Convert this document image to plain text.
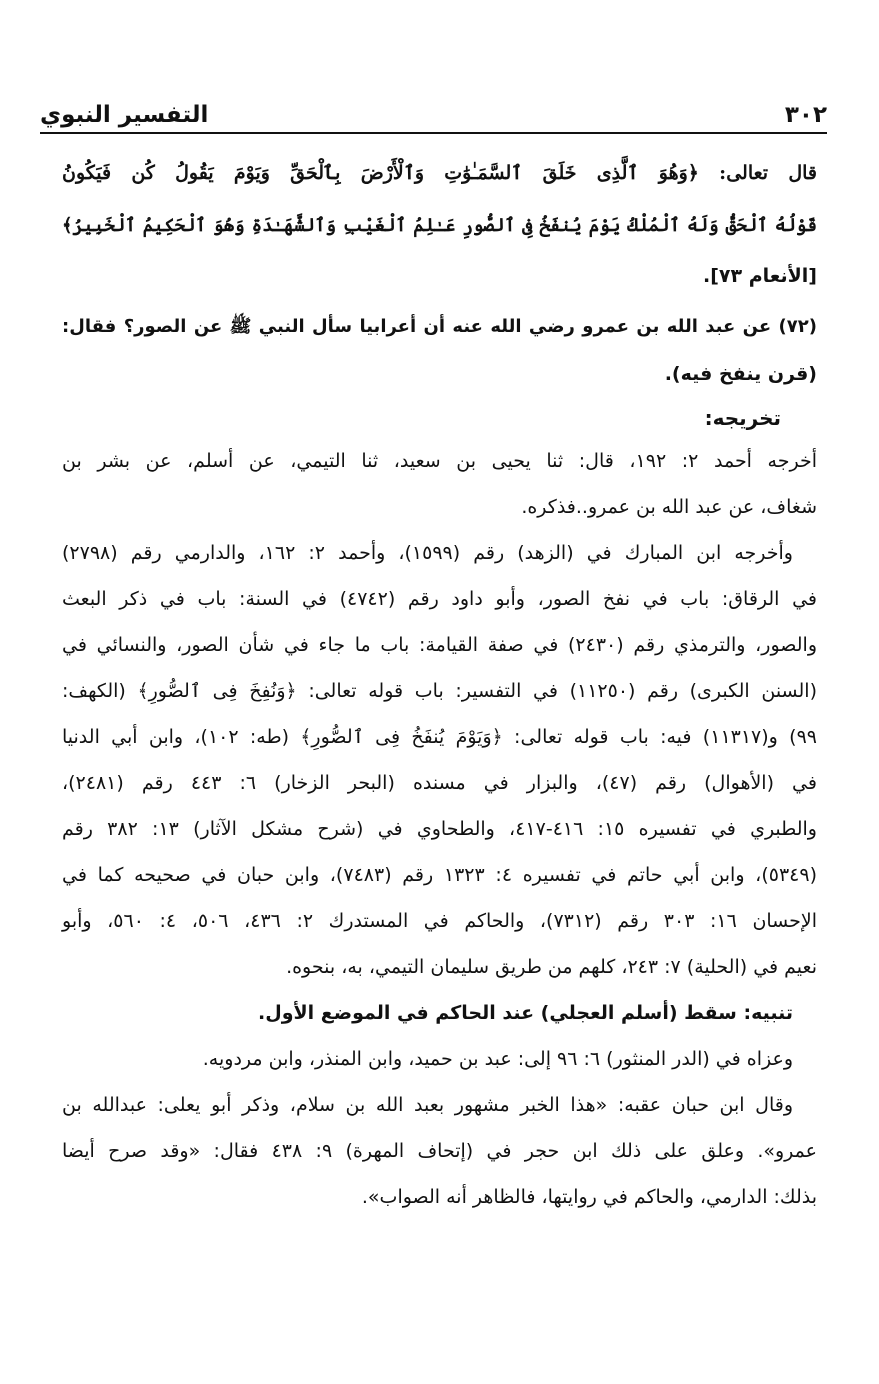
٣٠٢
التفسير النبوي
قال تعالى: ﴿وَهُوَ ٱلَّذِى خَلَقَ ٱلسَّمَـٰوَٰتِ وَٱلْأَرْضَ بِٱلْحَقِّ وَيَوْمَ يَقُولُ كُن فَيَكُونُ
قَوْلُهُ ٱلْحَقُّ وَلَهُ ٱلْمُلْكُ يَوْمَ يُنفَخُ فِى ٱلصُّورِ عَـٰلِمُ ٱلْغَيْبِ وَٱلشَّهَـٰدَةِ وَهُوَ ٱلْحَكِيمُ ٱلْخَبِيرُ﴾
[الأنعام ٧٣].
(٧٢) عن عبد الله بن عمرو رضي الله عنه أن أعرابيا سأل النبي ﷺ عن الصور؟ فقال:
(قرن ينفخ فيه).
تخريجه:
أخرجه أحمد ٢: ١٩٢، قال: ثنا يحيى بن سعيد، ثنا التيمي، عن أسلم، عن بشر بن
شغاف، عن عبد الله بن عمرو..فذكره.
وأخرجه ابن المبارك في (الزهد) رقم (١٥٩٩)، وأحمد ٢: ١٦٢، والدارمي رقم (٢٧٩٨)
في الرقاق: باب في نفخ الصور، وأبو داود رقم (٤٧٤٢) في السنة: باب في ذكر البعث
والصور، والترمذي رقم (٢٤٣٠) في صفة القيامة: باب ما جاء في شأن الصور، والنسائي في
(السنن الكبرى) رقم (١١٢٥٠) في التفسير: باب قوله تعالى: ﴿وَنُفِخَ فِى ٱلصُّورِ﴾ (الكهف:
٩٩) و(١١٣١٧) فيه: باب قوله تعالى: ﴿وَيَوْمَ يُنفَخُ فِى ٱلصُّورِ﴾ (طه: ١٠٢)، وابن أبي الدنيا
في (الأهوال) رقم (٤٧)، والبزار في مسنده (البحر الزخار) ٦: ٤٤٣ رقم (٢٤٨١)،
والطبري في تفسيره ١٥: ٤١٦-٤١٧، والطحاوي في (شرح مشكل الآثار) ١٣: ٣٨٢ رقم
(٥٣٤٩)، وابن أبي حاتم في تفسيره ٤: ١٣٢٣ رقم (٧٤٨٣)، وابن حبان في صحيحه كما في
الإحسان ١٦: ٣٠٣ رقم (٧٣١٢)، والحاكم في المستدرك ٢: ٤٣٦، ٥٠٦، ٤: ٥٦٠، وأبو
نعيم في (الحلية) ٧: ٢٤٣، كلهم من طريق سليمان التيمي، به، بنحوه.
تنبيه: سقط (أسلم العجلي) عند الحاكم في الموضع الأول.
وعزاه في (الدر المنثور) ٦: ٩٦ إلى: عبد بن حميد، وابن المنذر، وابن مردويه.
وقال ابن حبان عقبه: «هذا الخبر مشهور بعبد الله بن سلام، وذكر أبو يعلى: عبدالله بن
عمرو». وعلق على ذلك ابن حجر في (إتحاف المهرة) ٩: ٤٣٨ فقال: «وقد صرح أيضا
بذلك: الدارمي، والحاكم في روايتها، فالظاهر أنه الصواب».
